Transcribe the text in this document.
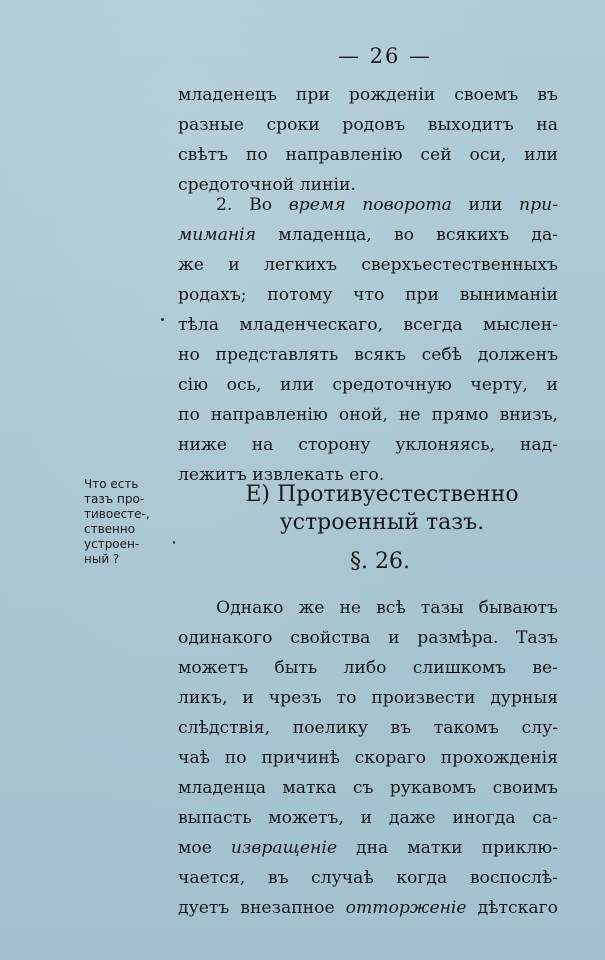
— 26 —
младенецъ при рожденіи своемъ въ
разные сроки родовъ выходитъ на
свѣтъ по направленію сей оси, или
средоточной линіи.
2. Во время поворота или при-
миманія младенца, во всякихъ да-
же и легкихъ сверхъестественныхъ
родахъ; потому что при выниманіи
тѣла младенческаго, всегда мыслен-
но представлять всякъ себѣ долженъ
сію ось, или средоточную черту, и
по направленію оной, не прямо внизъ,
ниже на сторону уклоняясь, над-
лежитъ извлекать его.
Что есть
тазъ про-
тивоесте-,
ственно
устроен-
ный ?
Е) Противуестественно
устроенный тазъ.
§. 26.
Однако же не всѣ тазы бываютъ
одинакого свойства и размѣра. Тазъ
можетъ быть либо слишкомъ ве-
ликъ, и чрезъ то произвести дурныя
слѣдствія, поелику въ такомъ слу-
чаѣ по причинѣ скораго прохожденія
младенца матка съ рукавомъ своимъ
выпасть можетъ, и даже иногда са-
мое извращеніе дна матки приклю-
чается, въ случаѣ когда воспослѣ-
дуетъ внезапное отторженіе дѣтскаго
